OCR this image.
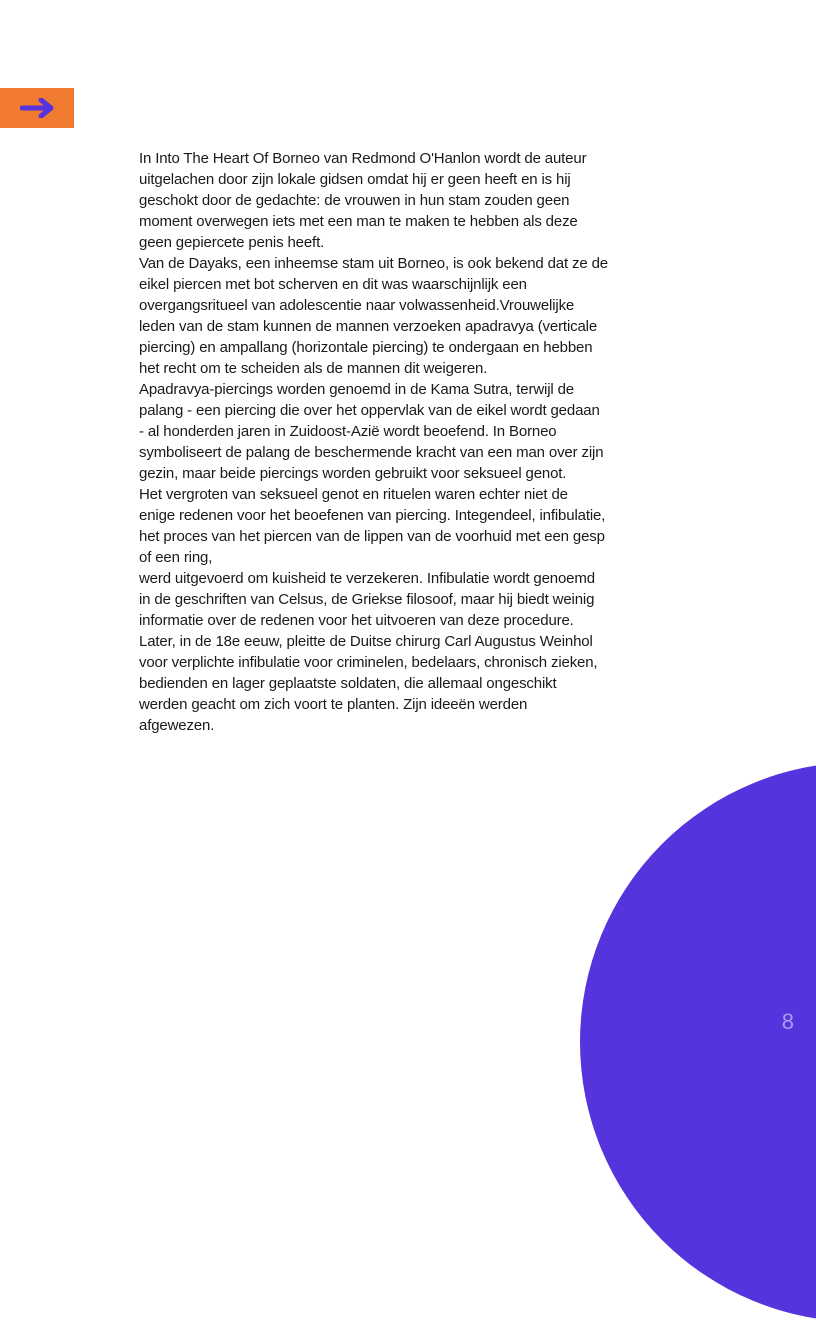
In Into The Heart Of Borneo van Redmond O'Hanlon wordt de auteur
uitgelachen door zijn lokale gidsen omdat hij er geen heeft en is hij
geschokt door de gedachte: de vrouwen in hun stam zouden geen
moment overwegen iets met een man te maken te hebben als deze
geen gepiercete penis heeft.
Van de Dayaks, een inheemse stam uit Borneo, is ook bekend dat ze de
eikel piercen met bot scherven en dit was waarschijnlijk een
overgangsritueel van adolescentie naar volwassenheid.Vrouwelijke
leden van de stam kunnen de mannen verzoeken apadravya (verticale
piercing) en ampallang (horizontale piercing) te ondergaan en hebben
het recht om te scheiden als de mannen dit weigeren.
Apadravya-piercings worden genoemd in de Kama Sutra, terwijl de
palang - een piercing die over het oppervlak van de eikel wordt gedaan
- al honderden jaren in Zuidoost-Azië wordt beoefend. In Borneo
symboliseert de palang de beschermende kracht van een man over zijn
gezin, maar beide piercings worden gebruikt voor seksueel genot.
Het vergroten van seksueel genot en rituelen waren echter niet de
enige redenen voor het beoefenen van piercing. Integendeel, infibulatie,
het proces van het piercen van de lippen van de voorhuid met een gesp
of een ring,
werd uitgevoerd om kuisheid te verzekeren. Infibulatie wordt genoemd
in de geschriften van Celsus, de Griekse filosoof, maar hij biedt weinig
informatie over de redenen voor het uitvoeren van deze procedure.
Later, in de 18e eeuw, pleitte de Duitse chirurg Carl Augustus Weinhol
voor verplichte infibulatie voor criminelen, bedelaars, chronisch zieken,
bedienden en lager geplaatste soldaten, die allemaal ongeschikt
werden geacht om zich voort te planten. Zijn ideeën werden
afgewezen.
8
